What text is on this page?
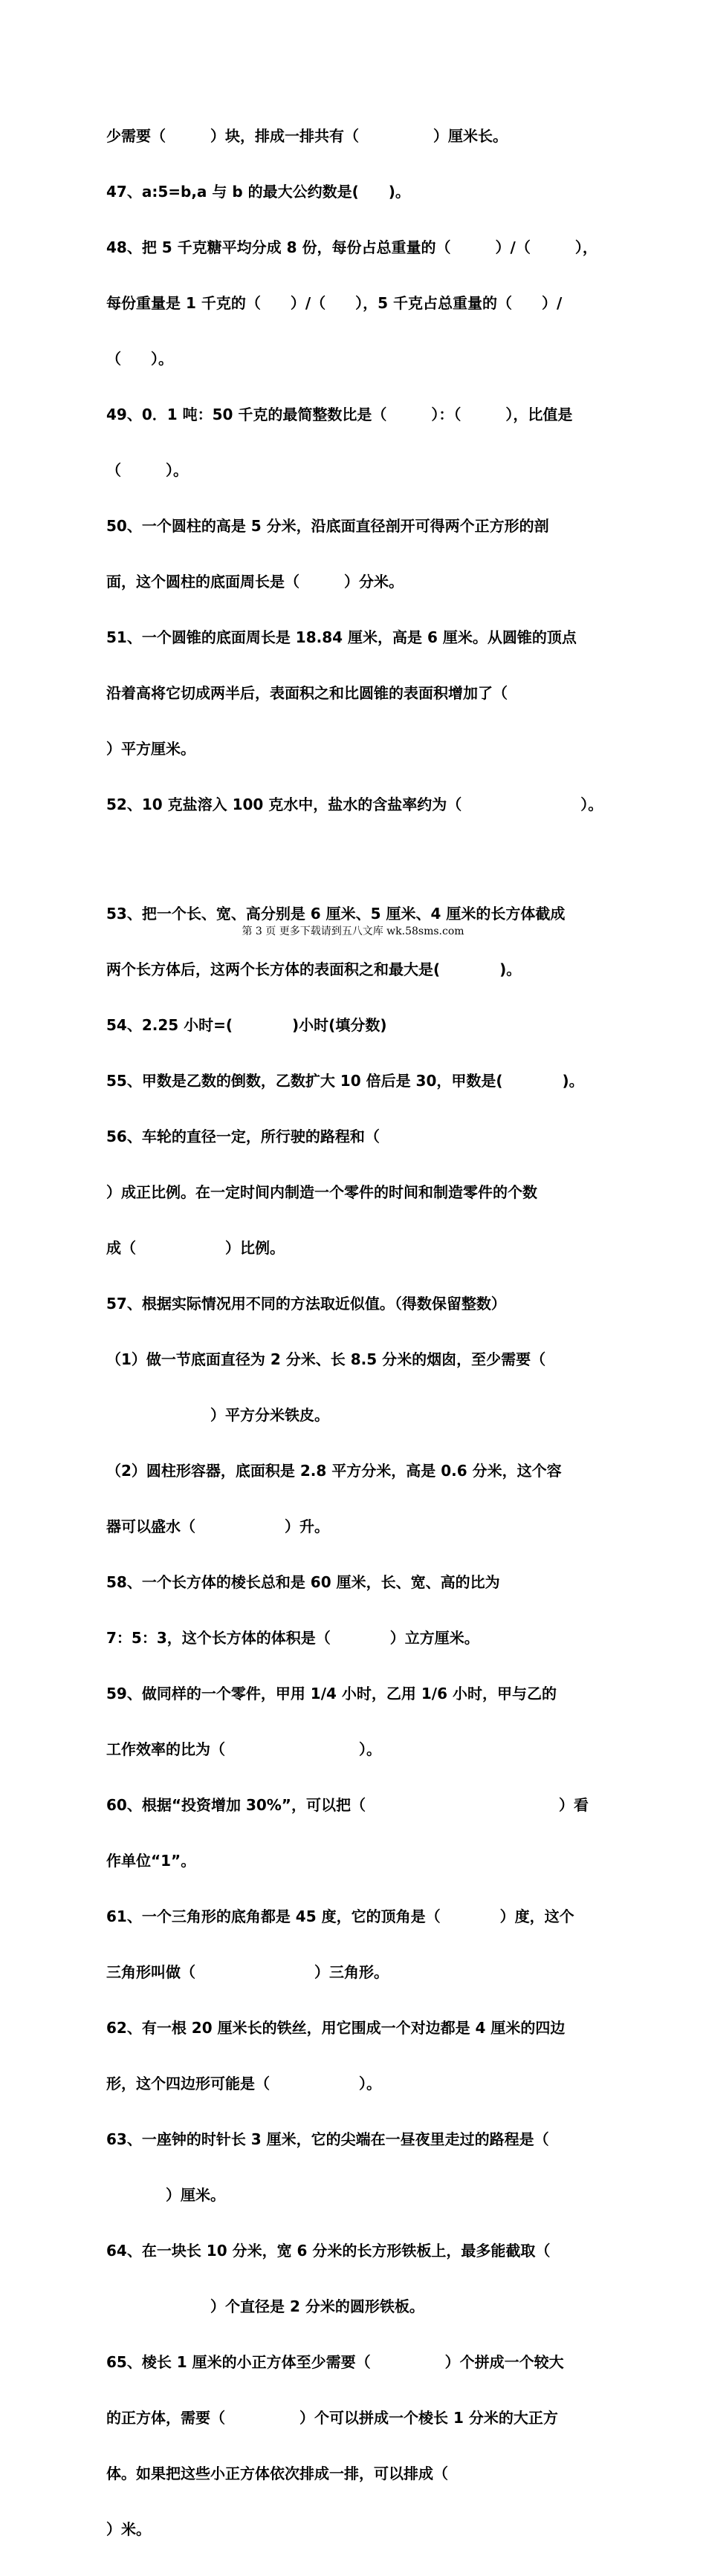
少需要（　　　）块，排成一排共有（　　　　　）厘米长。

47、a:5=b,a 与 b 的最大公约数是(　　)。

48、把 5 千克糖平均分成 8 份，每份占总重量的（　　　）/（　　　），

每份重量是 1 千克的（　　）/（　　），5 千克占总重量的（　　）/

（　　）。

49、0．1 吨：50 千克的最简整数比是（　　　）：（　　　），比值是

（　　　）。

50、一个圆柱的高是 5 分米，沿底面直径剖开可得两个正方形的剖

面，这个圆柱的底面周长是（　　　）分米。

51、一个圆锥的底面周长是 18.84 厘米，高是 6 厘米。从圆锥的顶点

沿着高将它切成两半后，表面积之和比圆锥的表面积增加了（

）平方厘米。

52、10 克盐溶入 100 克水中，盐水的含盐率约为（　　　　　　　　）。

53、把一个长、宽、高分别是 6 厘米、5 厘米、4 厘米的长方体截成

两个长方体后，这两个长方体的表面积之和最大是(　　　　)。

54、2.25 小时=(　　　　)小时(填分数)

55、甲数是乙数的倒数，乙数扩大 10 倍后是 30，甲数是(　　　　)。

56、车轮的直径一定，所行驶的路程和（

）成正比例。在一定时间内制造一个零件的时间和制造零件的个数

成（　　　　　　）比例。

57、根据实际情况用不同的方法取近似值。（得数保留整数）

（1）做一节底面直径为 2 分米、长 8.5 分米的烟囱，至少需要（

　　　　　　　）平方分米铁皮。

（2）圆柱形容器，底面积是 2.8 平方分米，高是 0.6 分米，这个容

器可以盛水（　　　　　　）升。

58、一个长方体的棱长总和是 60 厘米，长、宽、高的比为

7：5：3，这个长方体的体积是（　　　　）立方厘米。

59、做同样的一个零件，甲用 1/4 小时，乙用 1/6 小时，甲与乙的

工作效率的比为（　　　　　　　　　）。

60、根据“投资增加 30%”，可以把（　　　　　　　　　　　　　）看

作单位“1”。

61、一个三角形的底角都是 45 度，它的顶角是（　　　　）度，这个

三角形叫做（　　　　　　　　）三角形。

62、有一根 20 厘米长的铁丝，用它围成一个对边都是 4 厘米的四边

形，这个四边形可能是（　　　　　　）。

63、一座钟的时针长 3 厘米，它的尖端在一昼夜里走过的路程是（

　　　　）厘米。

64、在一块长 10 分米，宽 6 分米的长方形铁板上，最多能截取（

　　　　　　　）个直径是 2 分米的圆形铁板。

65、棱长 1 厘米的小正方体至少需要（　　　　　）个拼成一个较大

的正方体，需要（　　　　　）个可以拼成一个棱长 1 分米的大正方

体。如果把这些小正方体依次排成一排，可以排成（

）米。

第 3 页 更多下载请到五八文库 wk.58sms.com
